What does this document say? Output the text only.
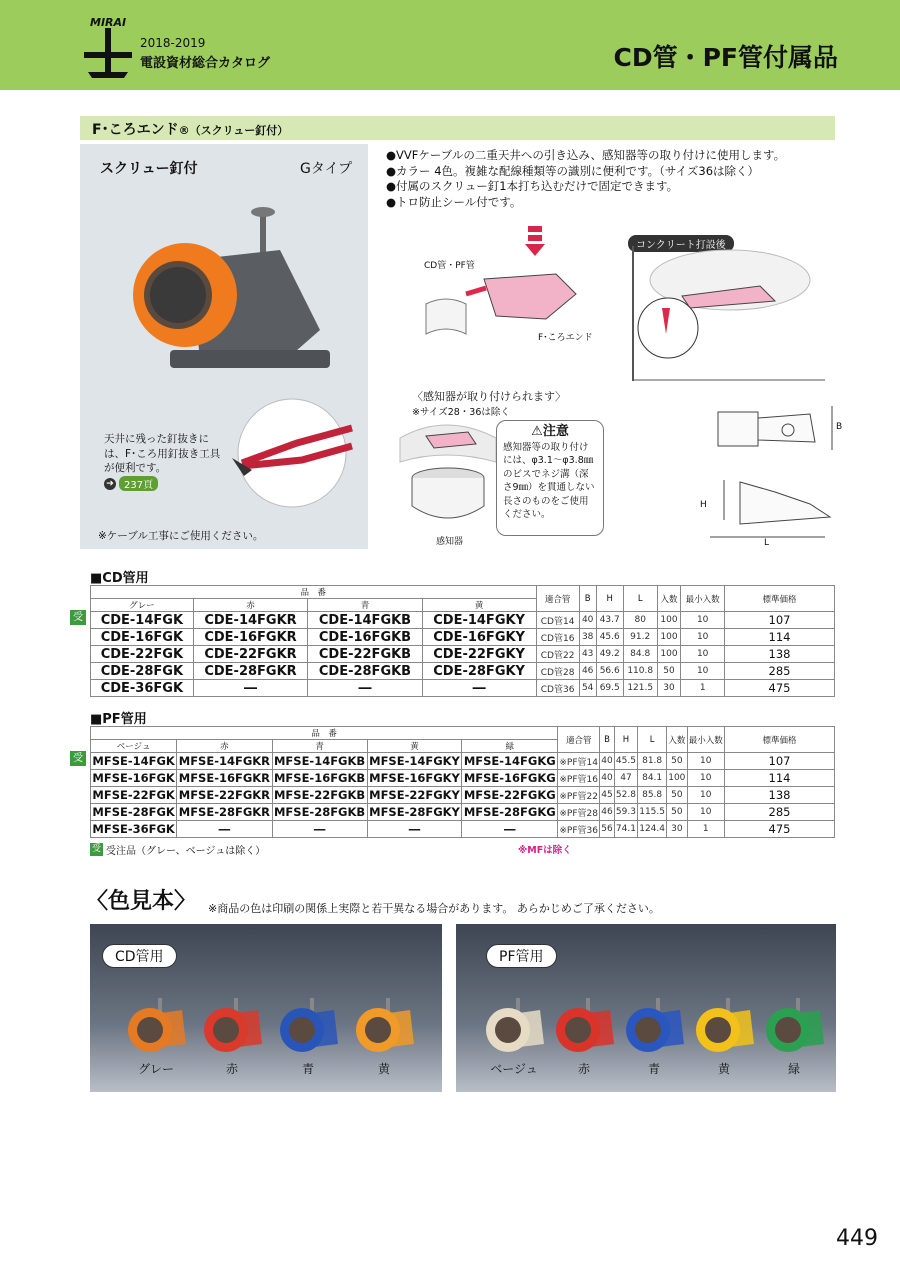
MIRAI
2018-2019
電設資材総合カタログ	CD管・PF管付属品
F･ころエンド®（スクリュー釘付）
スクリュー釘付	Gタイプ
天井に残った釘抜きには、F･ころ用釘抜き工具が便利です。
➔	237頁
※ケーブル工事にご使用ください。
●VVFケーブルの二重天井への引き込み、感知器等の取り付けに使用します。
●カラー 4色。複雑な配線種類等の識別に便利です。（サイズ36は除く）
●付属のスクリュー釘1本打ち込むだけで固定できます。
●トロ防止シール付です。
CD管・PF管
F･ころエンド
コンクリート打設後
〈感知器が取り付けられます〉
※サイズ28・36は除く
感知器
⚠注意
感知器等の取り付けには、φ3.1～φ3.8㎜のビスでネジ溝（深さ9㎜）を貫通しない長さのものをご使用ください。
B
H
L
■CD管用
品　番				適合管	B	H	L	入数	最小入数	標準価格
グレー	赤	青	黄							
CDE-14FGK	CDE-14FGKR	CDE-14FGKB	CDE-14FGKY	CD管14	40	43.7	80	100	10	107
CDE-16FGK	CDE-16FGKR	CDE-16FGKB	CDE-16FGKY	CD管16	38	45.6	91.2	100	10	114
CDE-22FGK	CDE-22FGKR	CDE-22FGKB	CDE-22FGKY	CD管22	43	49.2	84.8	100	10	138
CDE-28FGK	CDE-28FGKR	CDE-28FGKB	CDE-28FGKY	CD管28	46	56.6	110.8	50	10	285
CDE-36FGK	―	―	―	CD管36	54	69.5	121.5	30	1	475
受
■PF管用
品　番					適合管	B	H	L	入数	最小入数	標準価格
ベージュ	赤	青	黄	緑							
MFSE-14FGK	MFSE-14FGKR	MFSE-14FGKB	MFSE-14FGKY	MFSE-14FGKG	※PF管14	40	45.5	81.8	50	10	107
MFSE-16FGK	MFSE-16FGKR	MFSE-16FGKB	MFSE-16FGKY	MFSE-16FGKG	※PF管16	40	47	84.1	100	10	114
MFSE-22FGK	MFSE-22FGKR	MFSE-22FGKB	MFSE-22FGKY	MFSE-22FGKG	※PF管22	45	52.8	85.8	50	10	138
MFSE-28FGK	MFSE-28FGKR	MFSE-28FGKB	MFSE-28FGKY	MFSE-28FGKG	※PF管28	46	59.3	115.5	50	10	285
MFSE-36FGK	―	―	―	―	※PF管36	56	74.1	124.4	30	1	475
受
受 受注品（グレー、ベージュは除く）	※MFは除く
〈色見本〉 ※商品の色は印刷の関係上実際と若干異なる場合があります。 あらかじめご了承ください。
CD管用	PF管用
グレー	赤	青	黄	ベージュ	赤	青	黄	緑
449
